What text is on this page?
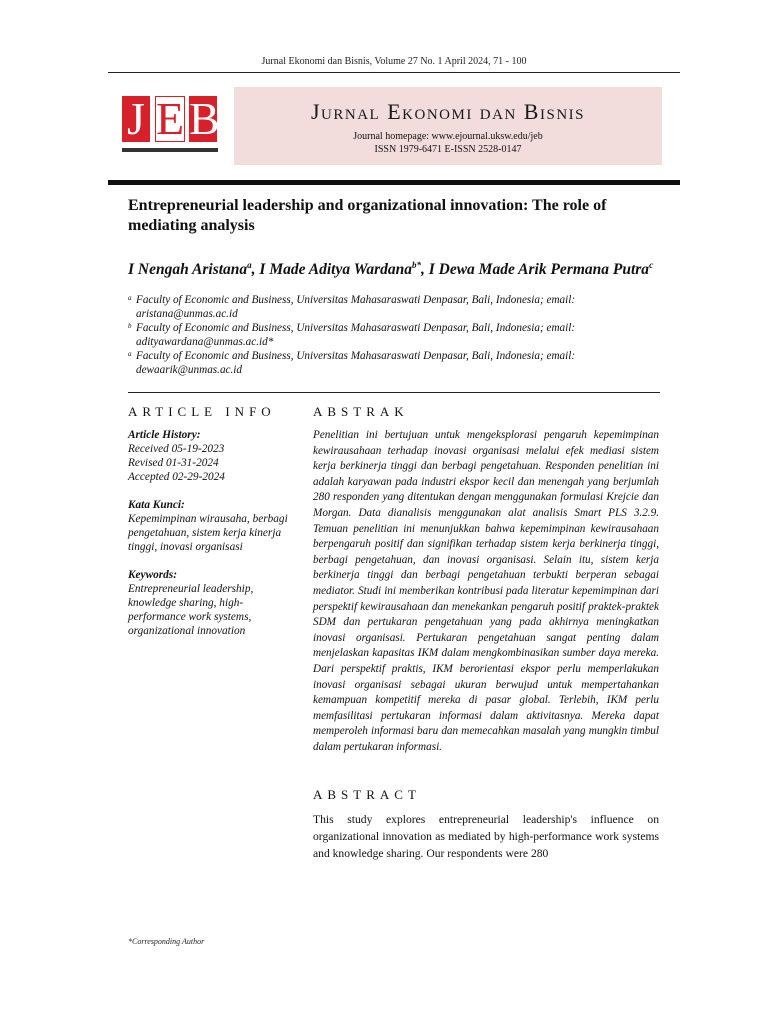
Jurnal Ekonomi dan Bisnis, Volume 27 No. 1 April 2024, 71 - 100
J E B	Jurnal Ekonomi dan Bisnis
Journal homepage: www.ejournal.uksw.edu/jeb
ISSN 1979-6471 E-ISSN 2528-0147
Entrepreneurial leadership and organizational innovation: The role of mediating analysis
I Nengah Aristana$^a$, I Made Aditya Wardana$^{b*}$, I Dewa Made Arik Permana Putra$^c$
a Faculty of Economic and Business, Universitas Mahasaraswati Denpasar, Bali, Indonesia; email: aristana@unmas.ac.id
b Faculty of Economic and Business, Universitas Mahasaraswati Denpasar, Bali, Indonesia; email: adityawardana@unmas.ac.id*
a Faculty of Economic and Business, Universitas Mahasaraswati Denpasar, Bali, Indonesia; email: dewaarik@unmas.ac.id
ARTICLE INFO
Article History:
Received 05-19-2023
Revised 01-31-2024
Accepted 02-29-2024
Kata Kunci:
Kepemimpinan wirausaha, berbagi pengetahuan, sistem kerja kinerja tinggi, inovasi organisasi
Keywords:
Entrepreneurial leadership, knowledge sharing, high-performance work systems, organizational innovation
ABSTRAK

Penelitian ini bertujuan untuk mengeksplorasi pengaruh kepemimpinan kewirausahaan terhadap inovasi organisasi melalui efek mediasi sistem kerja berkinerja tinggi dan berbagi pengetahuan. Responden penelitian ini adalah karyawan pada industri ekspor kecil dan menengah yang berjumlah 280 responden yang ditentukan dengan menggunakan formulasi Krejcie dan Morgan. Data dianalisis menggunakan alat analisis Smart PLS 3.2.9. Temuan penelitian ini menunjukkan bahwa kepemimpinan kewirausahaan berpengaruh positif dan signifikan terhadap sistem kerja berkinerja tinggi, berbagi pengetahuan, dan inovasi organisasi. Selain itu, sistem kerja berkinerja tinggi dan berbagi pengetahuan terbukti berperan sebagai mediator. Studi ini memberikan kontribusi pada literatur kepemimpinan dari perspektif kewirausahaan dan menekankan pengaruh positif praktek-praktek SDM dan pertukaran pengetahuan yang pada akhirnya meningkatkan inovasi organisasi. Pertukaran pengetahuan sangat penting dalam menjelaskan kapasitas IKM dalam mengkombinasikan sumber daya mereka. Dari perspektif praktis, IKM berorientasi ekspor perlu memperlakukan inovasi organisasi sebagai ukuran berwujud untuk mempertahankan kemampuan kompetitif mereka di pasar global. Terlebih, IKM perlu memfasilitasi pertukaran informasi dalam aktivitasnya. Mereka dapat memperoleh informasi baru dan memecahkan masalah yang mungkin timbul dalam pertukaran informasi.

ABSTRACT

This study explores entrepreneurial leadership's influence on organizational innovation as mediated by high-performance work systems and knowledge sharing. Our respondents were 280

*Corresponding Author
